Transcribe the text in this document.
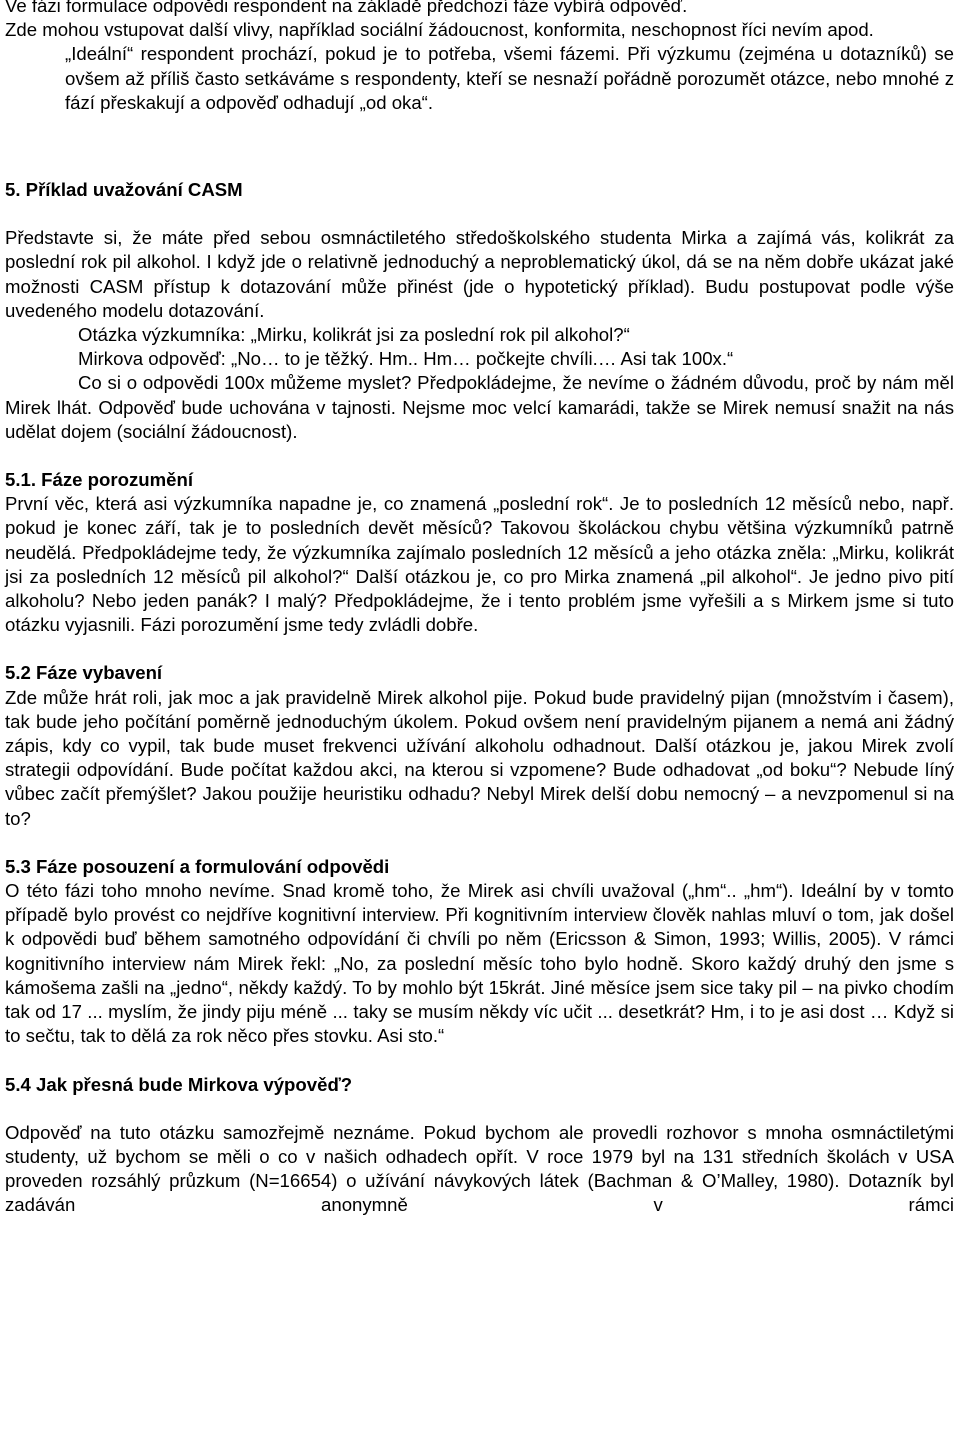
Ve fázi formulace odpovědi respondent na základě předchozí fáze vybírá odpověď.

Zde mohou vstupovat další vlivy, například sociální žádoucnost, konformita, neschopnost říci nevím apod.

„Ideální“ respondent prochází, pokud je to potřeba, všemi fázemi. Při výzkumu (zejména u dotazníků) se ovšem až příliš často setkáváme s respondenty, kteří se nesnaží pořádně porozumět otázce, nebo mnohé z fází přeskakují a odpověď odhadují „od oka“.

5. Příklad uvažování CASM

Představte si, že máte před sebou osmnáctiletého středoškolského studenta Mirka a zajímá vás, kolikrát za poslední rok pil alkohol. I když jde o relativně jednoduchý a neproblematický úkol, dá se na něm dobře ukázat jaké možnosti CASM přístup k dotazování může přinést (jde o hypotetický příklad). Budu postupovat podle výše uvedeného modelu dotazování.

Otázka výzkumníka: „Mirku, kolikrát jsi za poslední rok pil alkohol?“

Mirkova odpověď: „No… to je těžký. Hm.. Hm… počkejte chvíli.… Asi tak 100x.“

Co si o odpovědi 100x můžeme myslet? Předpokládejme, že nevíme o žádném důvodu, proč by nám měl Mirek lhát. Odpověď bude uchována v tajnosti. Nejsme moc velcí kamarádi, takže se Mirek nemusí snažit na nás udělat dojem (sociální žádoucnost).

5.1. Fáze porozumění

První věc, která asi výzkumníka napadne je, co znamená „poslední rok“. Je to posledních 12 měsíců nebo, např. pokud je konec září, tak je to posledních devět měsíců? Takovou školáckou chybu většina výzkumníků patrně neudělá. Předpokládejme tedy, že výzkumníka zajímalo posledních 12 měsíců a jeho otázka zněla: „Mirku, kolikrát jsi za posledních 12 měsíců pil alkohol?“ Další otázkou je, co pro Mirka znamená „pil alkohol“. Je jedno pivo pití alkoholu? Nebo jeden panák? I malý? Předpokládejme, že i tento problém jsme vyřešili a s Mirkem jsme si tuto otázku vyjasnili. Fázi porozumění jsme tedy zvládli dobře.

5.2 Fáze vybavení

Zde může hrát roli, jak moc a jak pravidelně Mirek alkohol pije. Pokud bude pravidelný pijan (množstvím i časem), tak bude jeho počítání poměrně jednoduchým úkolem. Pokud ovšem není pravidelným pijanem a nemá ani žádný zápis, kdy co vypil, tak bude muset frekvenci užívání alkoholu odhadnout. Další otázkou je, jakou Mirek zvolí strategii odpovídání. Bude počítat každou akci, na kterou si vzpomene? Bude odhadovat „od boku“? Nebude líný vůbec začít přemýšlet? Jakou použije heuristiku odhadu? Nebyl Mirek delší dobu nemocný – a nevzpomenul si na to?

5.3 Fáze posouzení a formulování odpovědi

O této fázi toho mnoho nevíme. Snad kromě toho, že Mirek asi chvíli uvažoval („hm“.. „hm“). Ideální by v tomto případě bylo provést co nejdříve kognitivní interview. Při kognitivním interview člověk nahlas mluví o tom, jak došel k odpovědi buď během samotného odpovídání či chvíli po něm (Ericsson & Simon, 1993; Willis, 2005). V rámci kognitivního interview nám Mirek řekl: „No, za poslední měsíc toho bylo hodně. Skoro každý druhý den jsme s kámošema zašli na „jedno“, někdy každý. To by mohlo být 15krát. Jiné měsíce jsem sice taky pil – na pivko chodím tak od 17 ... myslím, že jindy piju méně ... taky se musím někdy víc učit ... desetkrát? Hm, i to je asi dost … Když si to sečtu, tak to dělá za rok něco přes stovku. Asi sto.“

5.4 Jak přesná bude Mirkova výpověď?

Odpověď na tuto otázku samozřejmě neznáme. Pokud bychom ale provedli rozhovor s mnoha osmnáctiletými studenty, už bychom se měli o co v našich odhadech opřít. V roce 1979 byl na 131 středních školách v USA proveden rozsáhlý průzkum (N=16654) o užívání návykových látek (Bachman & O’Malley, 1980). Dotazník byl zadáván anonymně v rámci
